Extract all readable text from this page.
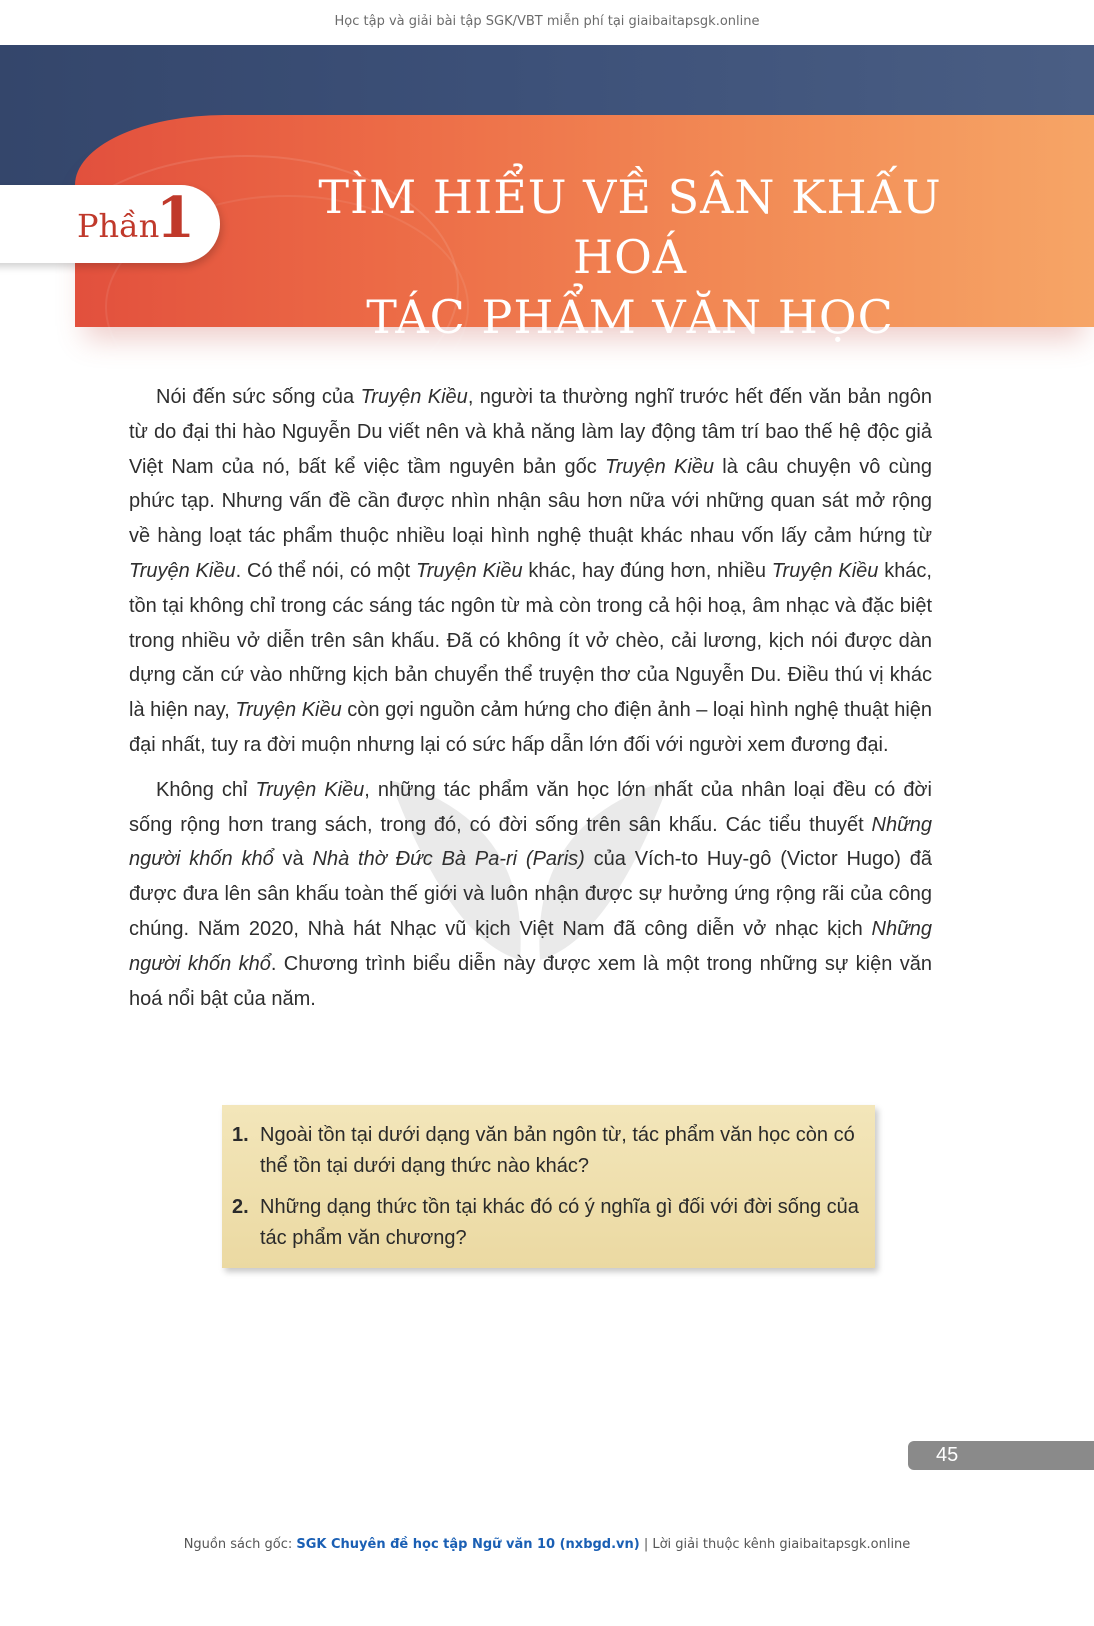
Học tập và giải bài tập SGK/VBT miễn phí tại giaibaitapsgk.online
TÌM HIỂU VỀ SÂN KHẤU HOÁ
TÁC PHẨM VĂN HỌC
Phần
1

Nói đến sức sống của Truyện Kiều, người ta thường nghĩ trước hết đến văn bản ngôn từ do đại thi hào Nguyễn Du viết nên và khả năng làm lay động tâm trí bao thế hệ độc giả Việt Nam của nó, bất kể việc tầm nguyên bản gốc Truyện Kiều là câu chuyện vô cùng phức tạp. Nhưng vấn đề cần được nhìn nhận sâu hơn nữa với những quan sát mở rộng về hàng loạt tác phẩm thuộc nhiều loại hình nghệ thuật khác nhau vốn lấy cảm hứng từ Truyện Kiều. Có thể nói, có một Truyện Kiều khác, hay đúng hơn, nhiều Truyện Kiều khác, tồn tại không chỉ trong các sáng tác ngôn từ mà còn trong cả hội hoạ, âm nhạc và đặc biệt trong nhiều vở diễn trên sân khấu. Đã có không ít vở chèo, cải lương, kịch nói được dàn dựng căn cứ vào những kịch bản chuyển thể truyện thơ của Nguyễn Du. Điều thú vị khác là hiện nay, Truyện Kiều còn gợi nguồn cảm hứng cho điện ảnh – loại hình nghệ thuật hiện đại nhất, tuy ra đời muộn nhưng lại có sức hấp dẫn lớn đối với người xem đương đại.

Không chỉ Truyện Kiều, những tác phẩm văn học lớn nhất của nhân loại đều có đời sống rộng hơn trang sách, trong đó, có đời sống trên sân khấu. Các tiểu thuyết Những người khốn khổ và Nhà thờ Đức Bà Pa-ri (Paris) của Vích-to Huy-gô (Victor Hugo) đã được đưa lên sân khấu toàn thế giới và luôn nhận được sự hưởng ứng rộng rãi của công chúng. Năm 2020, Nhà hát Nhạc vũ kịch Việt Nam đã công diễn vở nhạc kịch Những người khốn khổ. Chương trình biểu diễn này được xem là một trong những sự kiện văn hoá nổi bật của năm.

1. Ngoài tồn tại dưới dạng văn bản ngôn từ, tác phẩm văn học còn có thể tồn tại dưới dạng thức nào khác?
2. Những dạng thức tồn tại khác đó có ý nghĩa gì đối với đời sống của tác phẩm văn chương?
45
Nguồn sách gốc: SGK Chuyên đề học tập Ngữ văn 10 (nxbgd.vn) | Lời giải thuộc kênh giaibaitapsgk.online
